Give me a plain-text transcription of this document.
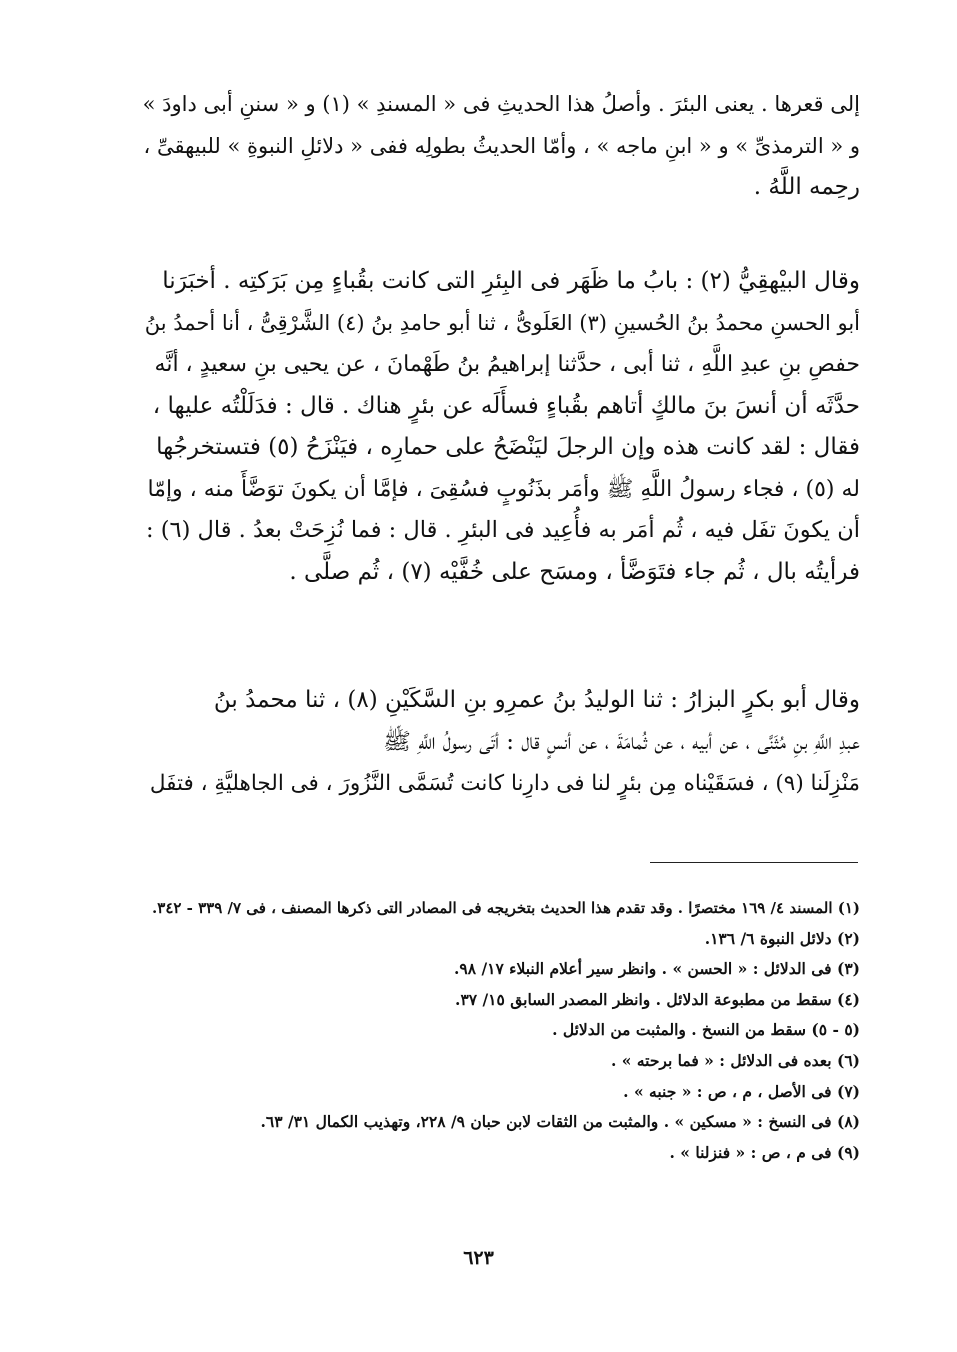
إلى قعرها . يعنى البئرَ . وأصلُ هذا الحديثِ فى « المسندِ » (١) و « سننِ أبى داودَ »
و « الترمذىِّ » و « ابنِ ماجه » ، وأمّا الحديثُ بطولِه ففى « دلائلِ النبوةِ » للبيهقىِّ ،
رحِمه اللَّهُ .
وقال البيْهقِيُّ (٢) : بابُ ما ظَهَر فى البِئرِ التى كانت بقُباءٍ مِن بَرَكتِه . أخبَرَنا
أبو الحسنِ محمدُ بنُ الحُسينِ (٣) العَلَوىُّ ، ثنا أبو حامدِ بنُ (٤) الشَّرْقِىُّ ، أنا أحمدُ بنُ
حفصِ بنِ عبدِ اللَّهِ ، ثنا أبى ، حدَّثنا إبراهيمُ بنُ طَهْمانَ ، عن يحيى بنِ سعيدٍ ، أنَّه
حدَّثَه أن أنسَ بنَ مالكٍ أتاهم بقُباءٍ فسأَلَه عن بئرٍ هناك . قال : فدَلَلْتُه عليها ،
فقال : لقد كانت هذه وإن الرجلَ ليَنْضَحُ على حمارِه ، فيَنْزَحُ (٥) فتستخرجُها
له (٥) ، فجاء رسولُ اللَّهِ ﷺ وأمَر بذَنُوبٍ فسُقِىَ ، فإمَّا أن يكونَ توَضَّأَ منه ، وإمّا
أن يكونَ تفَل فيه ، ثُم أمَر به فأُعِيد فى البئرِ . قال : فما نُزِحَتْ بعدُ . قال (٦) :
فرأيتُه بال ، ثُم جاء فتَوَضَّأ ، ومسَح على خُفَّيْه (٧) ، ثُم صلَّى .
وقال أبو بكرٍ البزارُ : ثنا الوليدُ بنُ عمرِو بنِ السَّكَيْنِ (٨) ، ثنا محمدُ بنُ
عبدِ اللَّهِ بنِ مُثَنَّى ، عن أبيه ، عن ثُمامَةَ ، عن أنسٍ قال : أتَى رسولُ اللَّهِ ﷺ
مَنْزِلَنا (٩) ، فسَقَيْناه مِن بئرٍ لنا فى دارِنا كانت تُسَمَّى النَّزُورَ ، فى الجاهليَّةِ ، فتفَل
(١) المسند ٤/ ١٦٩ مختصرًا . وقد تقدم هذا الحديث بتخريجه فى المصادر التى ذكرها المصنف ، فى ٧/ ٣٣٩ - ٣٤٢.
(٢) دلائل النبوة ٦/ ١٣٦.
(٣) فى الدلائل : « الحسن » . وانظر سير أعلام النبلاء ١٧/ ٩٨.
(٤) سقط من مطبوعة الدلائل . وانظر المصدر السابق ١٥/ ٣٧.
(٥ - ٥) سقط من النسخ . والمثبت من الدلائل .
(٦) بعده فى الدلائل : « فما برحته » .
(٧) فى الأصل ، م ، ص : « جنبه » .
(٨) فى النسخ : « مسكين » . والمثبت من الثقات لابن حبان ٩/ ٢٢٨، وتهذيب الكمال ٣١/ ٦٣.
(٩) فى م ، ص : « فنزلنا » .
٦٢٣
